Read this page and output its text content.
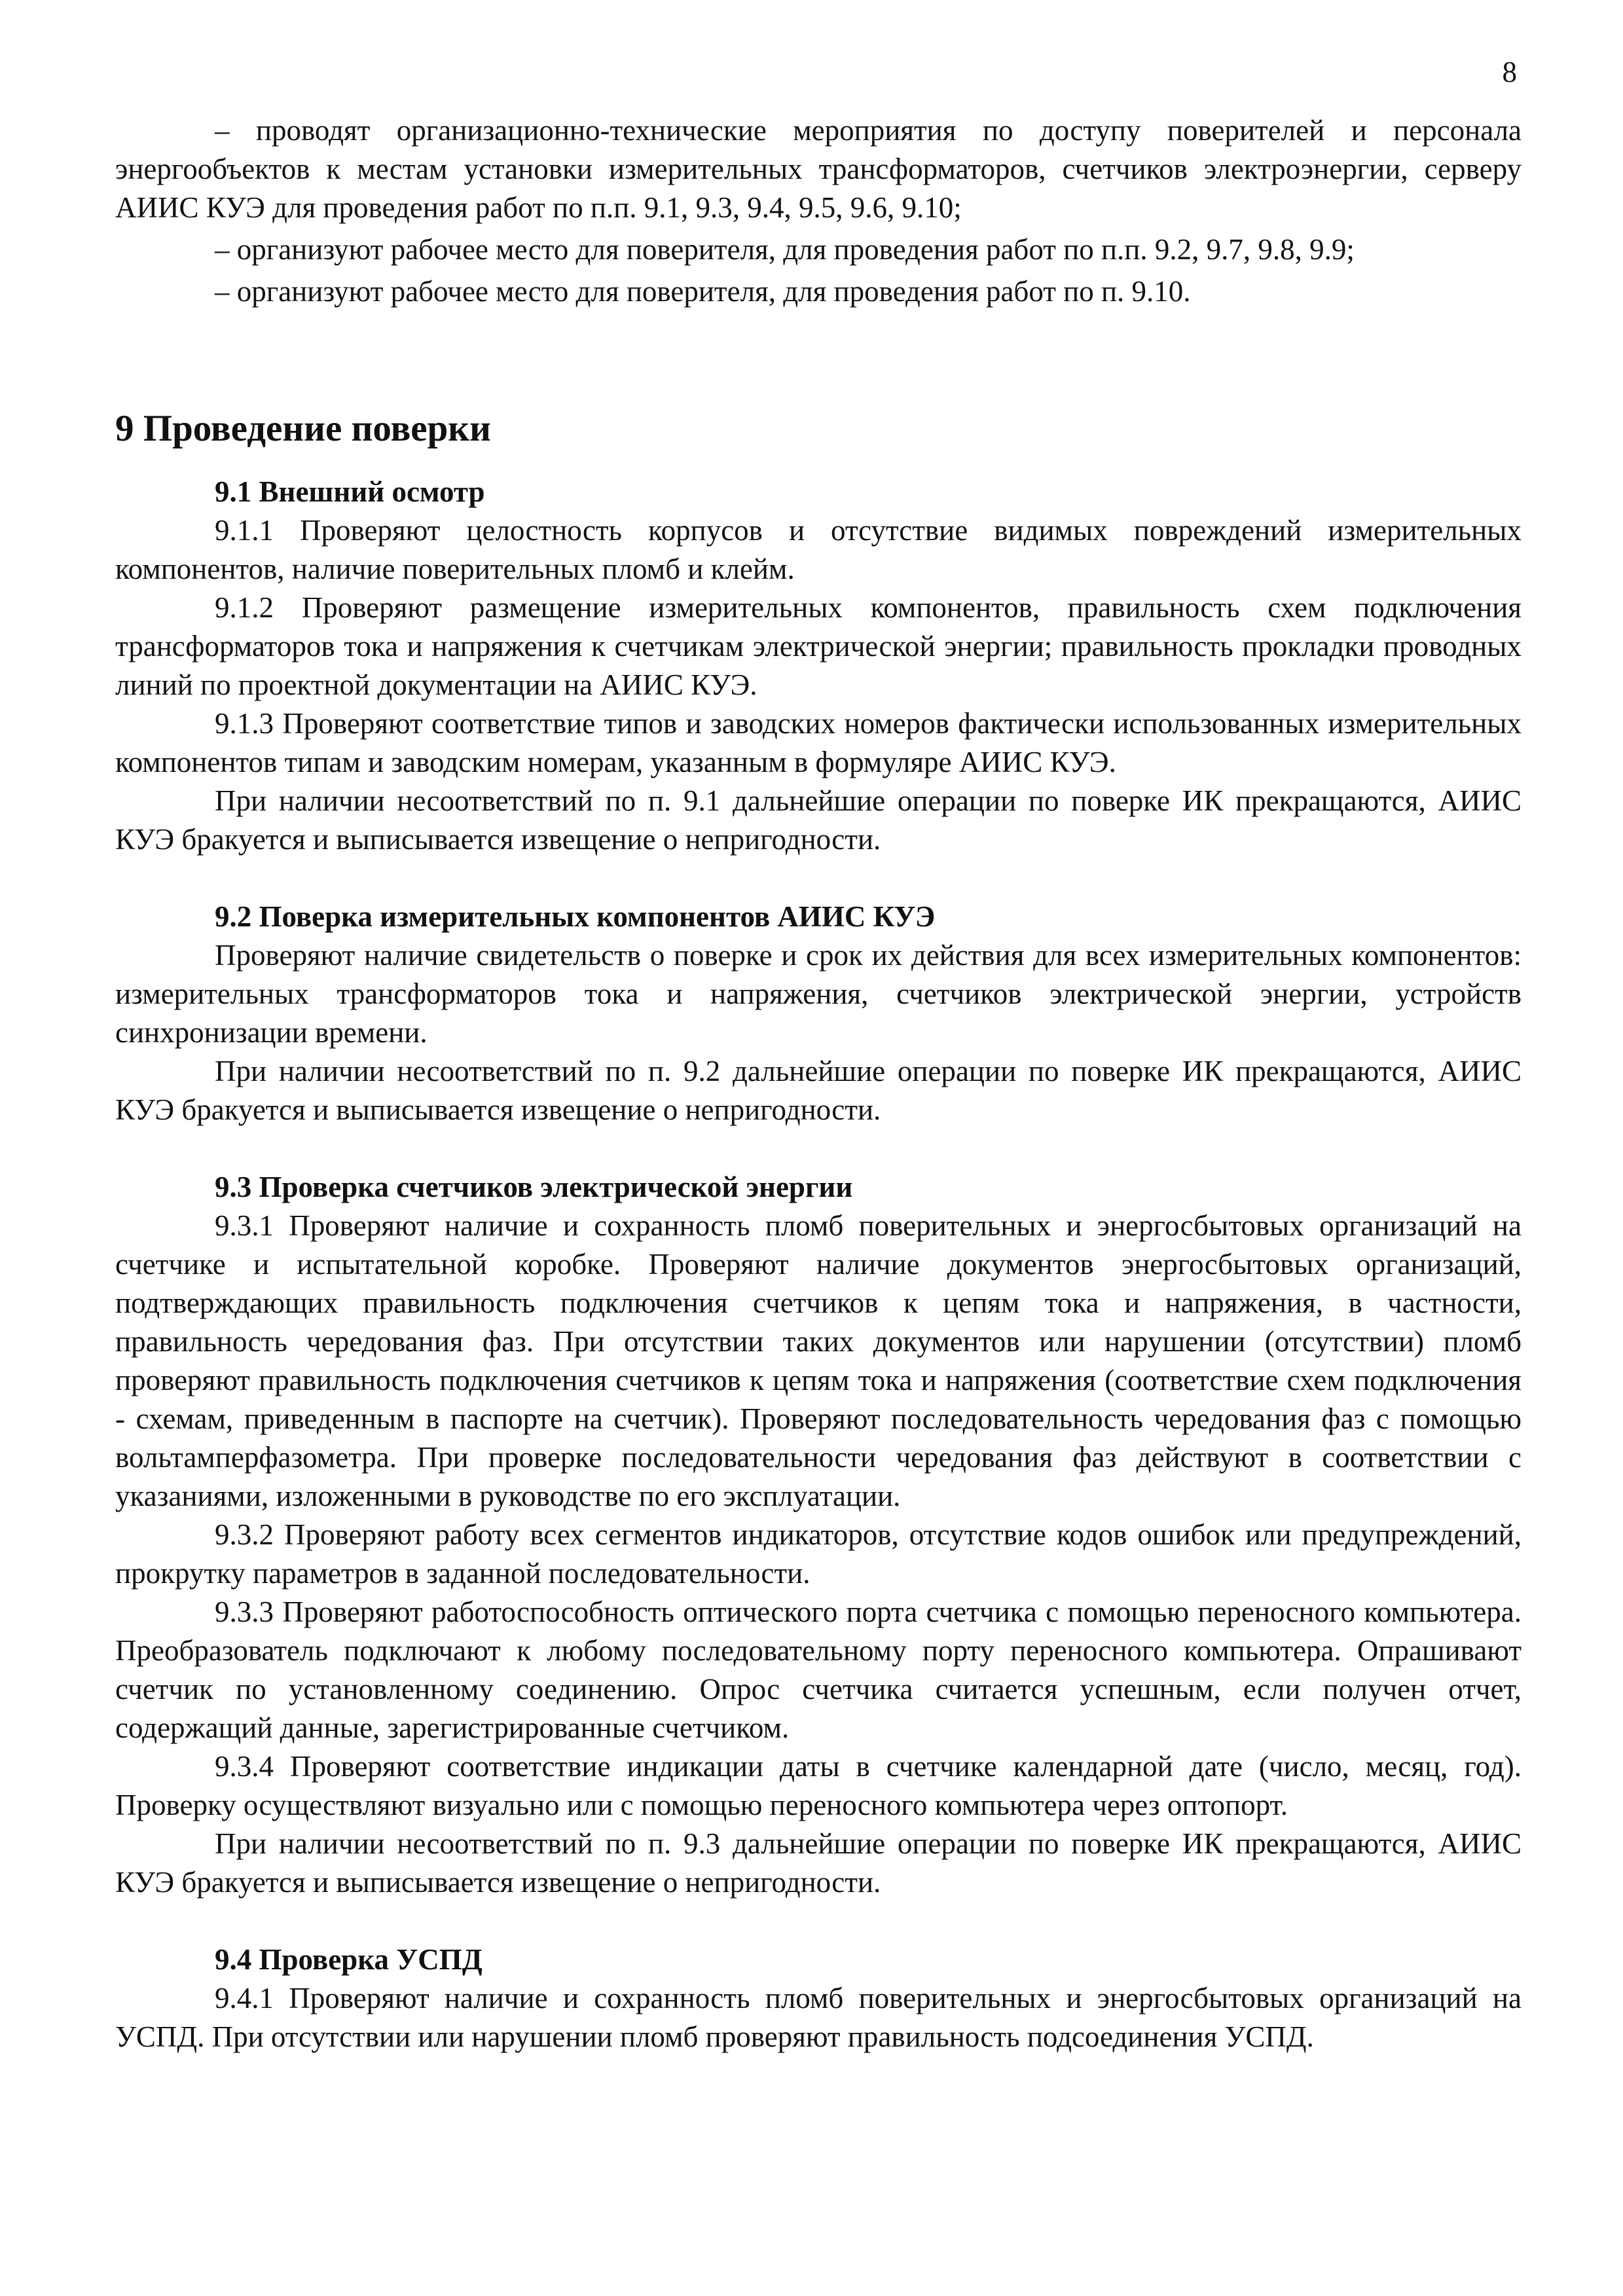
8

– проводят организационно-технические мероприятия по доступу поверителей и персонала энергообъектов к местам установки измерительных трансформаторов, счетчиков электроэнергии, серверу АИИС КУЭ для проведения работ по п.п. 9.1, 9.3, 9.4, 9.5, 9.6, 9.10;

– организуют рабочее место для поверителя, для проведения работ по п.п. 9.2, 9.7, 9.8, 9.9;

– организуют рабочее место для поверителя, для проведения работ по п. 9.10.

9 Проведение поверки

9.1 Внешний осмотр

9.1.1 Проверяют целостность корпусов и отсутствие видимых повреждений измерительных компонентов, наличие поверительных пломб и клейм.

9.1.2 Проверяют размещение измерительных компонентов, правильность схем подключения трансформаторов тока и напряжения к счетчикам электрической энергии; правильность прокладки проводных линий по проектной документации на АИИС КУЭ.

9.1.3 Проверяют соответствие типов и заводских номеров фактически использованных измерительных компонентов типам и заводским номерам, указанным в формуляре АИИС КУЭ.

При наличии несоответствий по п. 9.1 дальнейшие операции по поверке ИК прекращаются, АИИС КУЭ бракуется и выписывается извещение о непригодности.

9.2 Поверка измерительных компонентов АИИС КУЭ

Проверяют наличие свидетельств о поверке и срок их действия для всех измерительных компонентов: измерительных трансформаторов тока и напряжения, счетчиков электрической энергии, устройств синхронизации времени.

При наличии несоответствий по п. 9.2 дальнейшие операции по поверке ИК прекращаются, АИИС КУЭ бракуется и выписывается извещение о непригодности.

9.3 Проверка счетчиков электрической энергии

9.3.1 Проверяют наличие и сохранность пломб поверительных и энергосбытовых организаций на счетчике и испытательной коробке. Проверяют наличие документов энергосбытовых организаций, подтверждающих правильность подключения счетчиков к цепям тока и напряжения, в частности, правильность чередования фаз. При отсутствии таких документов или нарушении (отсутствии) пломб проверяют правильность подключения счетчиков к цепям тока и напряжения (соответствие схем подключения - схемам, приведенным в паспорте на счетчик). Проверяют последовательность чередования фаз с помощью вольтамперфазометра. При проверке последовательности чередования фаз действуют в соответствии с указаниями, изложенными в руководстве по его эксплуатации.

9.3.2 Проверяют работу всех сегментов индикаторов, отсутствие кодов ошибок или предупреждений, прокрутку параметров в заданной последовательности.

9.3.3 Проверяют работоспособность оптического порта счетчика с помощью переносного компьютера. Преобразователь подключают к любому последовательному порту переносного компьютера. Опрашивают счетчик по установленному соединению. Опрос счетчика считается успешным, если получен отчет, содержащий данные, зарегистрированные счетчиком.

9.3.4 Проверяют соответствие индикации даты в счетчике календарной дате (число, месяц, год). Проверку осуществляют визуально или с помощью переносного компьютера через оптопорт.

При наличии несоответствий по п. 9.3 дальнейшие операции по поверке ИК прекращаются, АИИС КУЭ бракуется и выписывается извещение о непригодности.

9.4 Проверка УСПД

9.4.1 Проверяют наличие и сохранность пломб поверительных и энергосбытовых организаций на УСПД. При отсутствии или нарушении пломб проверяют правильность подсоединения УСПД.
